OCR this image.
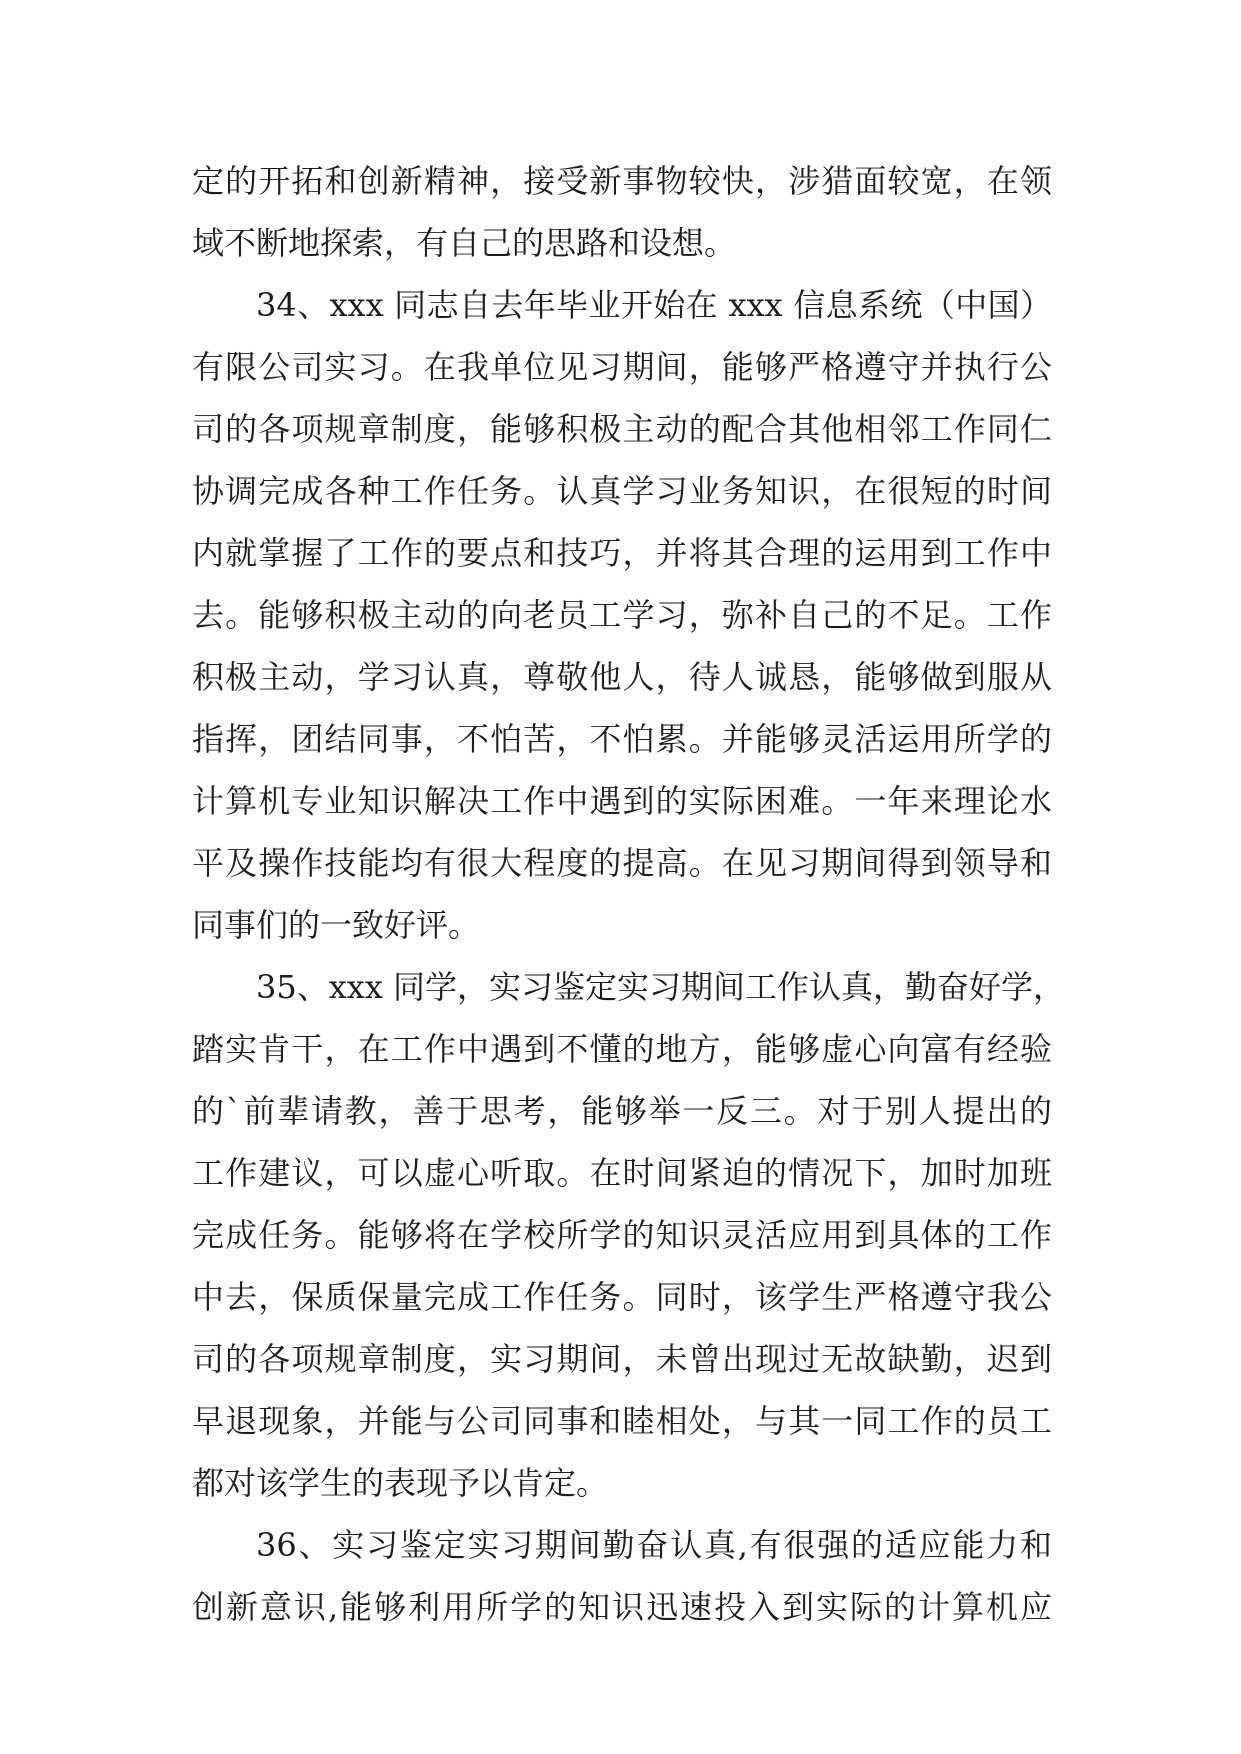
定的开拓和创新精神，接受新事物较快，涉猎面较宽，在领
域不断地探索，有自己的思路和设想。
34、xxx 同志自去年毕业开始在 xxx 信息系统（中国）
有限公司实习。在我单位见习期间，能够严格遵守并执行公
司的各项规章制度，能够积极主动的配合其他相邻工作同仁
协调完成各种工作任务。认真学习业务知识，在很短的时间
内就掌握了工作的要点和技巧，并将其合理的运用到工作中
去。能够积极主动的向老员工学习，弥补自己的不足。工作
积极主动，学习认真，尊敬他人，待人诚恳，能够做到服从
指挥，团结同事，不怕苦，不怕累。并能够灵活运用所学的
计算机专业知识解决工作中遇到的实际困难。一年来理论水
平及操作技能均有很大程度的提高。在见习期间得到领导和
同事们的一致好评。
35、xxx 同学，实习鉴定实习期间工作认真，勤奋好学，
踏实肯干，在工作中遇到不懂的地方，能够虚心向富有经验
的`前辈请教，善于思考，能够举一反三。对于别人提出的
工作建议，可以虚心听取。在时间紧迫的情况下，加时加班
完成任务。能够将在学校所学的知识灵活应用到具体的工作
中去，保质保量完成工作任务。同时，该学生严格遵守我公
司的各项规章制度，实习期间，未曾出现过无故缺勤，迟到
早退现象，并能与公司同事和睦相处，与其一同工作的员工
都对该学生的表现予以肯定。
36、实习鉴定实习期间勤奋认真,有很强的适应能力和
创新意识,能够利用所学的知识迅速投入到实际的计算机应
